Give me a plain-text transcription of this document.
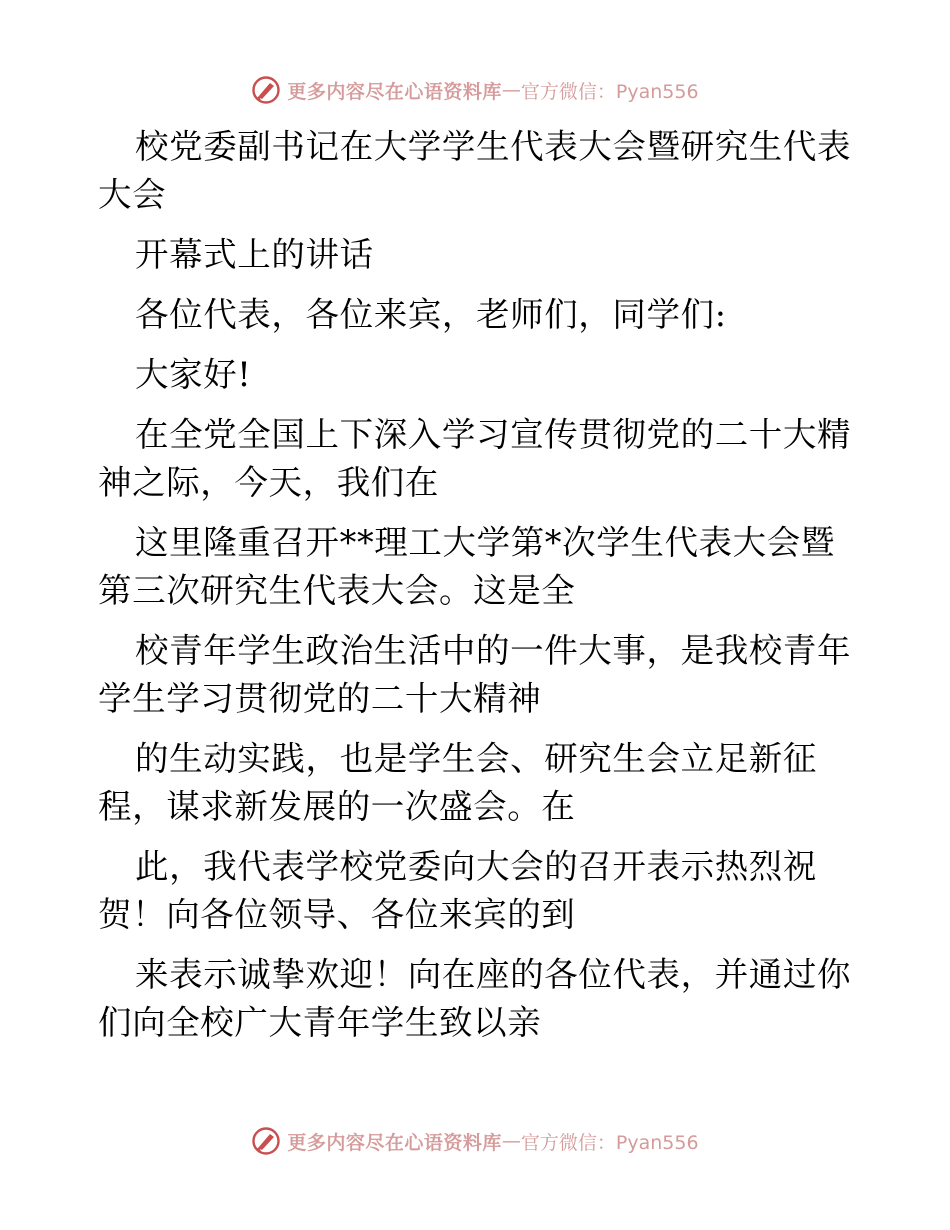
更多内容尽在心语资料库 — 官方微信：Pyan556

校党委副书记在大学学生代表大会暨研究生代表大会

开幕式上的讲话

各位代表，各位来宾，老师们，同学们:

大家好!

在全党全国上下深入学习宣传贯彻党的二十大精神之际，今天，我们在

这里隆重召开**理工大学第*次学生代表大会暨第三次研究生代表大会。这是全

校青年学生政治生活中的一件大事，是我校青年学生学习贯彻党的二十大精神

的生动实践，也是学生会、研究生会立足新征程，谋求新发展的一次盛会。在

此，我代表学校党委向大会的召开表示热烈祝贺！向各位领导、各位来宾的到

来表示诚挚欢迎！向在座的各位代表，并通过你们向全校广大青年学生致以亲

更多内容尽在心语资料库 — 官方微信：Pyan556
